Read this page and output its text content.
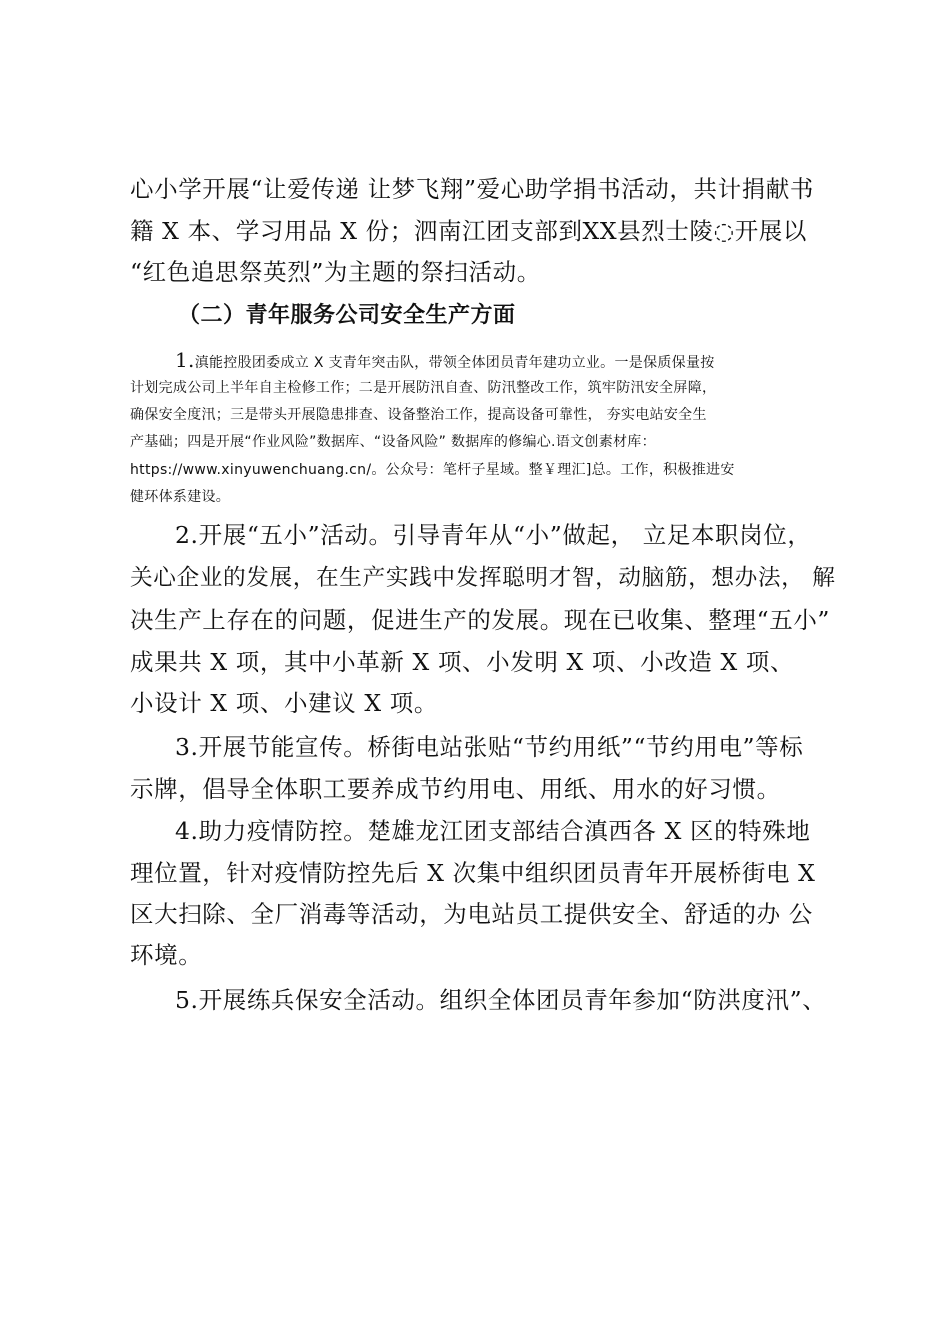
心小学开展“让爱传递 让梦飞翔”爱心助学捐书活动，共计捐献书
籍 X 本、学习用品 X 份；泗南江团支部到XX县烈士陵◌开展以
“红色追思祭英烈”为主题的祭扫活动。
（二）青年服务公司安全生产方面
1.滇能控股团委成立 X 支青年突击队，带领全体团员青年建功立业。一是保质保量按
计划完成公司上半年自主检修工作；二是开展防汛自查、防汛整改工作，筑牢防汛安全屏障，
确保安全度汛；三是带头开展隐患排查、设备整治工作，提高设备可靠性， 夯实电站安全生
产基础；四是开展“作业风险”数据库、“设备风险” 数据库的修编心.语文创素材库：
https://www.xinyuwenchuang.cn/。公众号：笔杆子星域。整￥理汇]总。工作，积极推进安
健环体系建设。
2.开展“五小”活动。引导青年从“小”做起， 立足本职岗位，
关心企业的发展，在生产实践中发挥聪明才智，动脑筋，想办法， 解
决生产上存在的问题，促进生产的发展。现在已收集、整理“五小”
成果共 X 项，其中小革新 X 项、小发明 X 项、小改造 X 项、
小设计 X 项、小建议 X 项。
3.开展节能宣传。桥街电站张贴“节约用纸”“节约用电”等标
示牌，倡导全体职工要养成节约用电、用纸、用水的好习惯。
4.助力疫情防控。楚雄龙江团支部结合滇西各 X 区的特殊地
理位置，针对疫情防控先后 X 次集中组织团员青年开展桥街电 X
区大扫除、全厂消毒等活动，为电站员工提供安全、舒适的办 公
环境。
5.开展练兵保安全活动。组织全体团员青年参加“防洪度汛”、
